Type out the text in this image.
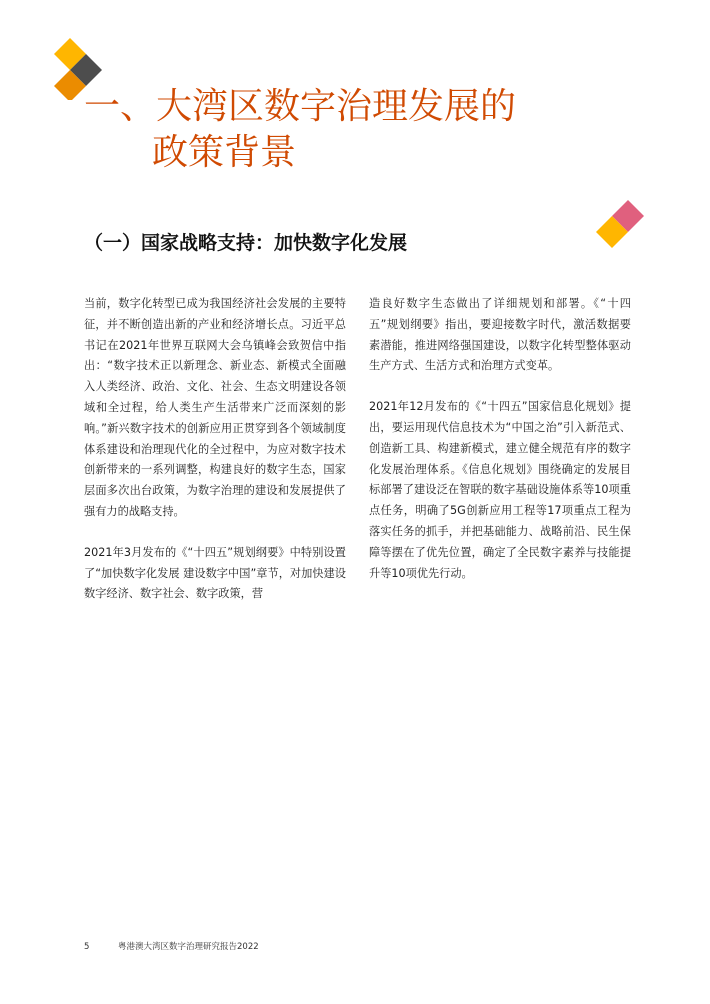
一、大湾区数字治理发展的
政策背景
（一）国家战略支持：加快数字化发展

当前，数字化转型已成为我国经济社会发展的主要特征，并不断创造出新的产业和经济增长点。习近平总书记在2021年世界互联网大会乌镇峰会致贺信中指出：“数字技术正以新理念、新业态、新模式全面融入人类经济、政治、文化、社会、生态文明建设各领域和全过程，给人类生产生活带来广泛而深刻的影响。”新兴数字技术的创新应用正贯穿到各个领域制度体系建设和治理现代化的全过程中，为应对数字技术创新带来的一系列调整，构建良好的数字生态，国家层面多次出台政策，为数字治理的建设和发展提供了强有力的战略支持。

2021年3月发布的《“十四五”规划纲要》中特别设置了“加快数字化发展 建设数字中国”章节，对加快建设数字经济、数字社会、数字政策，营

造良好数字生态做出了详细规划和部署。《“十四五”规划纲要》指出，要迎接数字时代，激活数据要素潜能，推进网络强国建设，以数字化转型整体驱动生产方式、生活方式和治理方式变革。

2021年12月发布的《“十四五”国家信息化规划》提出，要运用现代信息技术为“中国之治”引入新范式、创造新工具、构建新模式，建立健全规范有序的数字化发展治理体系。《信息化规划》围绕确定的发展目标部署了建设泛在智联的数字基础设施体系等10项重点任务，明确了5G创新应用工程等17项重点工程为落实任务的抓手，并把基础能力、战略前沿、民生保障等摆在了优先位置，确定了全民数字素养与技能提升等10项优先行动。

5	粤港澳大湾区数字治理研究报告2022
